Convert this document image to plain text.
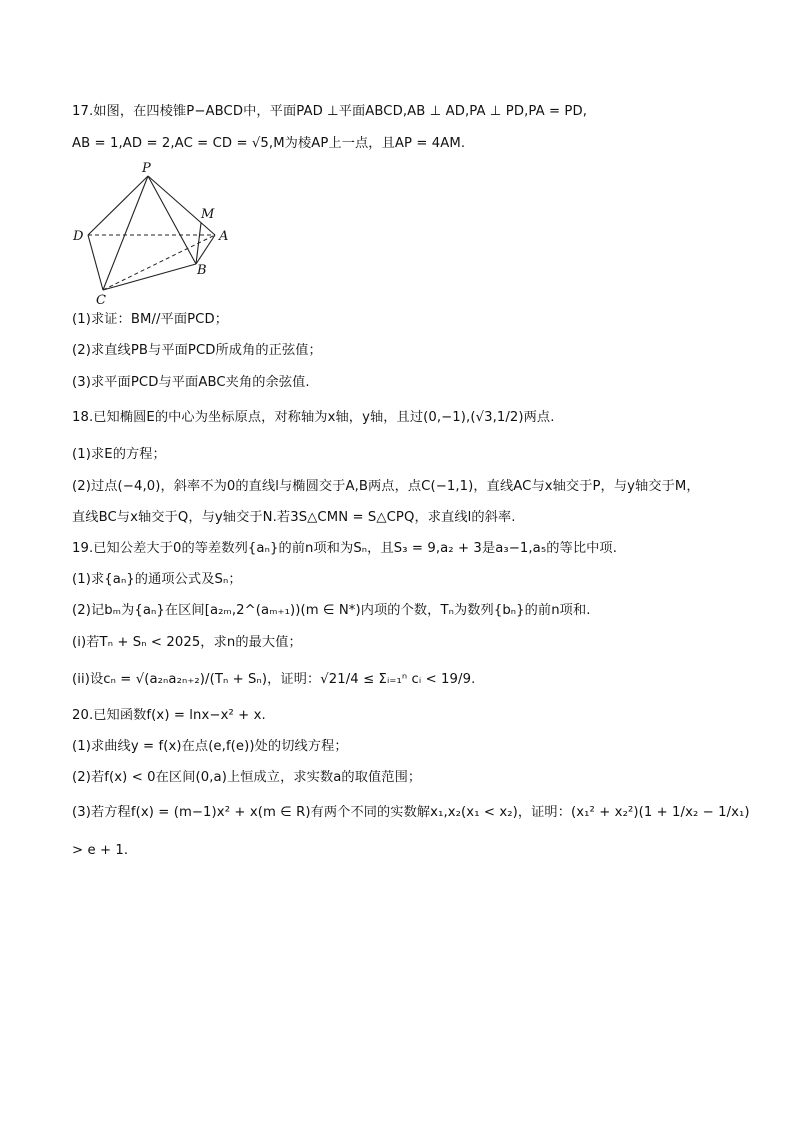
17.如图，在四棱锥P−ABCD中，平面PAD ⊥平面ABCD,AB ⊥ AD,PA ⊥ PD,PA = PD,
AB = 1,AD = 2,AC = CD = √5,M为棱AP上一点，且AP = 4AM.
P
M
D	A
B
C
(1)求证：BM//平面PCD；
(2)求直线PB与平面PCD所成角的正弦值；
(3)求平面PCD与平面ABC夹角的余弦值.
18.已知椭圆E的中心为坐标原点，对称轴为x轴，y轴，且过(0,−1),(√3,1/2)两点.
(1)求E的方程；
(2)过点(−4,0)，斜率不为0的直线l与椭圆交于A,B两点，点C(−1,1)，直线AC与x轴交于P，与y轴交于M，
直线BC与x轴交于Q，与y轴交于N.若3S△CMN = S△CPQ，求直线l的斜率.
19.已知公差大于0的等差数列{aₙ}的前n项和为Sₙ，且S₃ = 9,a₂ + 3是a₃−1,a₅的等比中项.
(1)求{aₙ}的通项公式及Sₙ；
(2)记bₘ为{aₙ}在区间[a₂ₘ,2^(aₘ₊₁))(m ∈ N*)内项的个数，Tₙ为数列{bₙ}的前n项和.
(i)若Tₙ + Sₙ < 2025，求n的最大值；
(ii)设cₙ = √(a₂ₙa₂ₙ₊₂)/(Tₙ + Sₙ)，证明：√21/4 ≤ Σᵢ₌₁ⁿ cᵢ < 19/9.
20.已知函数f(x) = lnx−x² + x.
(1)求曲线y = f(x)在点(e,f(e))处的切线方程；
(2)若f(x) < 0在区间(0,a)上恒成立，求实数a的取值范围；
(3)若方程f(x) = (m−1)x² + x(m ∈ R)有两个不同的实数解x₁,x₂(x₁ < x₂)，证明：(x₁² + x₂²)(1 + 1/x₂ − 1/x₁)
> e + 1.
